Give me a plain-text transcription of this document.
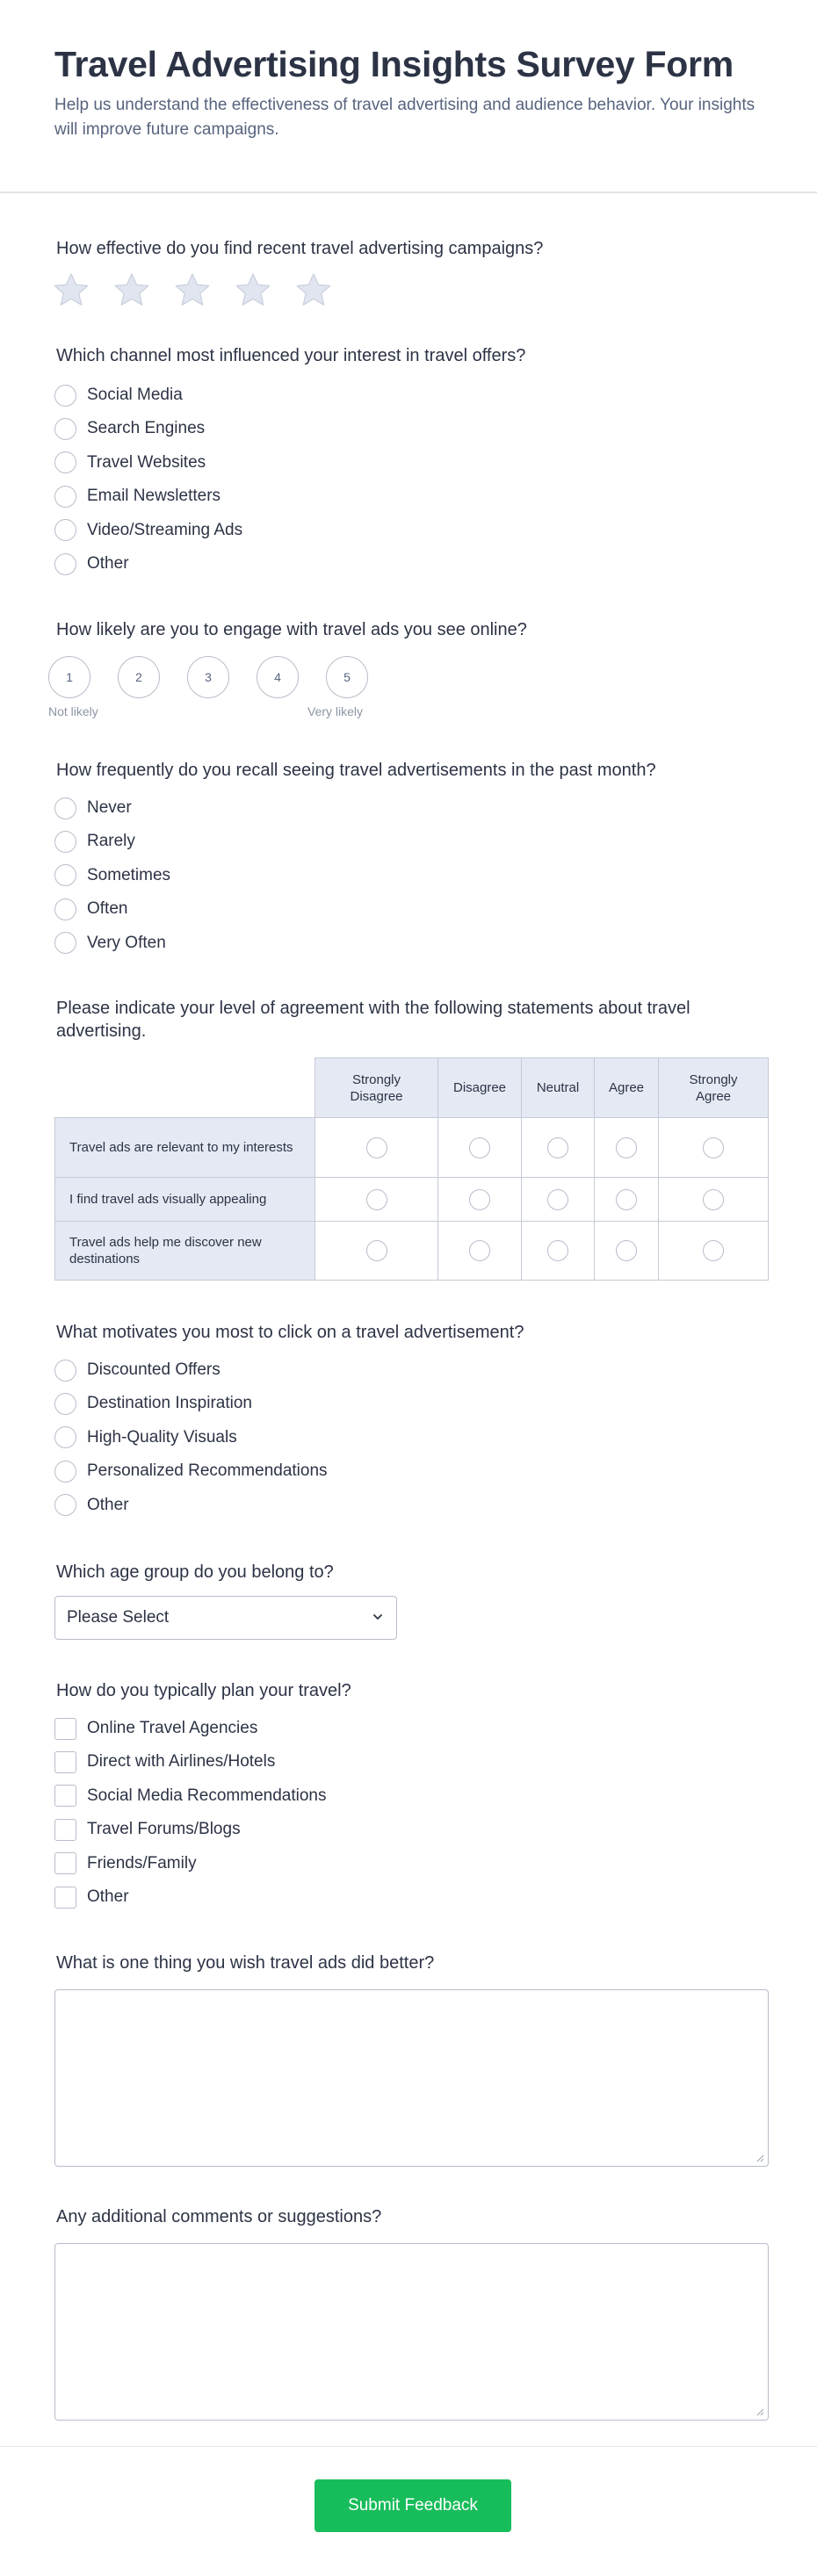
Travel Advertising Insights Survey Form
Help us understand the effectiveness of travel advertising and audience behavior. Your insights will improve future campaigns.
How effective do you find recent travel advertising campaigns?
Which channel most influenced your interest in travel offers?
Social Media
Search Engines
Travel Websites
Email Newsletters
Video/Streaming Ads
Other
How likely are you to engage with travel ads you see online?
1	2	3	4	5
Not likely	Very likely
How frequently do you recall seeing travel advertisements in the past month?
Never
Rarely
Sometimes
Often
Very Often
Please indicate your level of agreement with the following statements about travel advertising.
	Strongly Disagree	Disagree	Neutral	Agree	Strongly Agree
Travel ads are relevant to my interests					
I find travel ads visually appealing					
Travel ads help me discover new destinations					
What motivates you most to click on a travel advertisement?
Discounted Offers
Destination Inspiration
High-Quality Visuals
Personalized Recommendations
Other
Which age group do you belong to?
Please Select
How do you typically plan your travel?
Online Travel Agencies
Direct with Airlines/Hotels
Social Media Recommendations
Travel Forums/Blogs
Friends/Family
Other
What is one thing you wish travel ads did better?
Any additional comments or suggestions?
Submit Feedback
